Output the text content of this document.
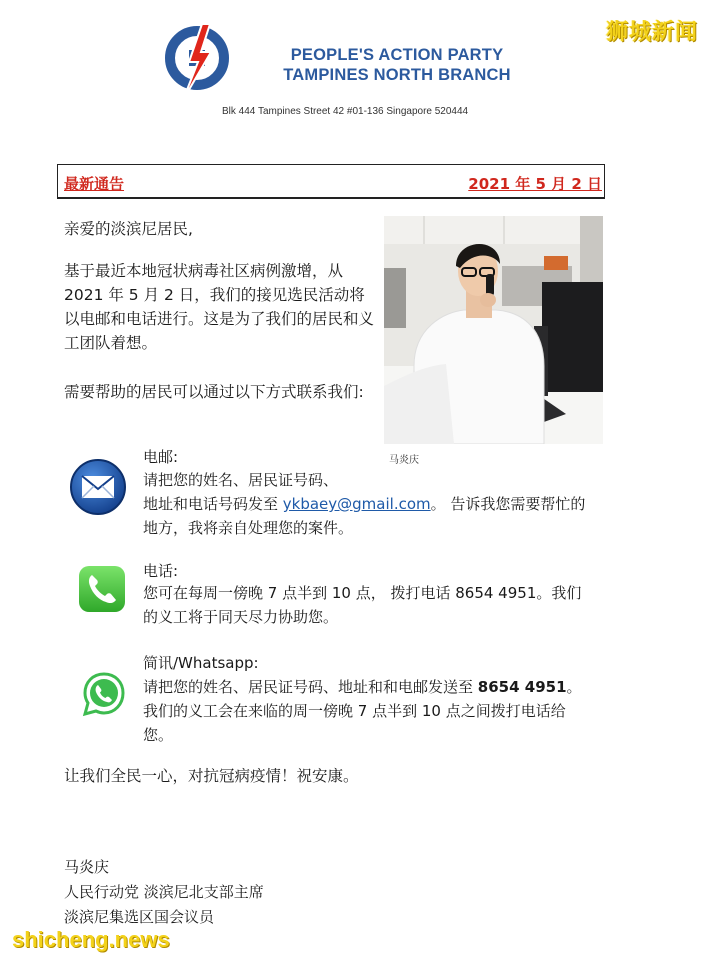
PEOPLE'S ACTION PARTY
TAMPINES NORTH BRANCH
Blk 444 Tampines Street 42 #01-136 Singapore 520444
最新通告	2021 年 5 月 2 日
亲爱的淡滨尼居民,
基于最近本地冠状病毒社区病例激增，从 2021 年 5 月 2 日，我们的接见选民活动将以电邮和电话进行。这是为了我们的居民和义工团队着想。
需要帮助的居民可以通过以下方式联系我们:
马炎庆
电邮:
请把您的姓名、居民证号码、
地址和电话号码发至 ykbaey@gmail.com。 告诉我您需要帮忙的
地方，我将亲自处理您的案件。
电话:
您可在每周一傍晚 7 点半到 10 点， 拨打电话 8654 4951。我们
的义工将于同天尽力协助您。
简讯/Whatsapp:
请把您的姓名、居民证号码、地址和和电邮发送至 8654 4951。
我们的义工会在来临的周一傍晚 7 点半到 10 点之间拨打电话给
您。
让我们全民一心，对抗冠病疫情！祝安康。
马炎庆
人民行动党 淡滨尼北支部主席
淡滨尼集选区国会议员
狮城新闻
shicheng.news
